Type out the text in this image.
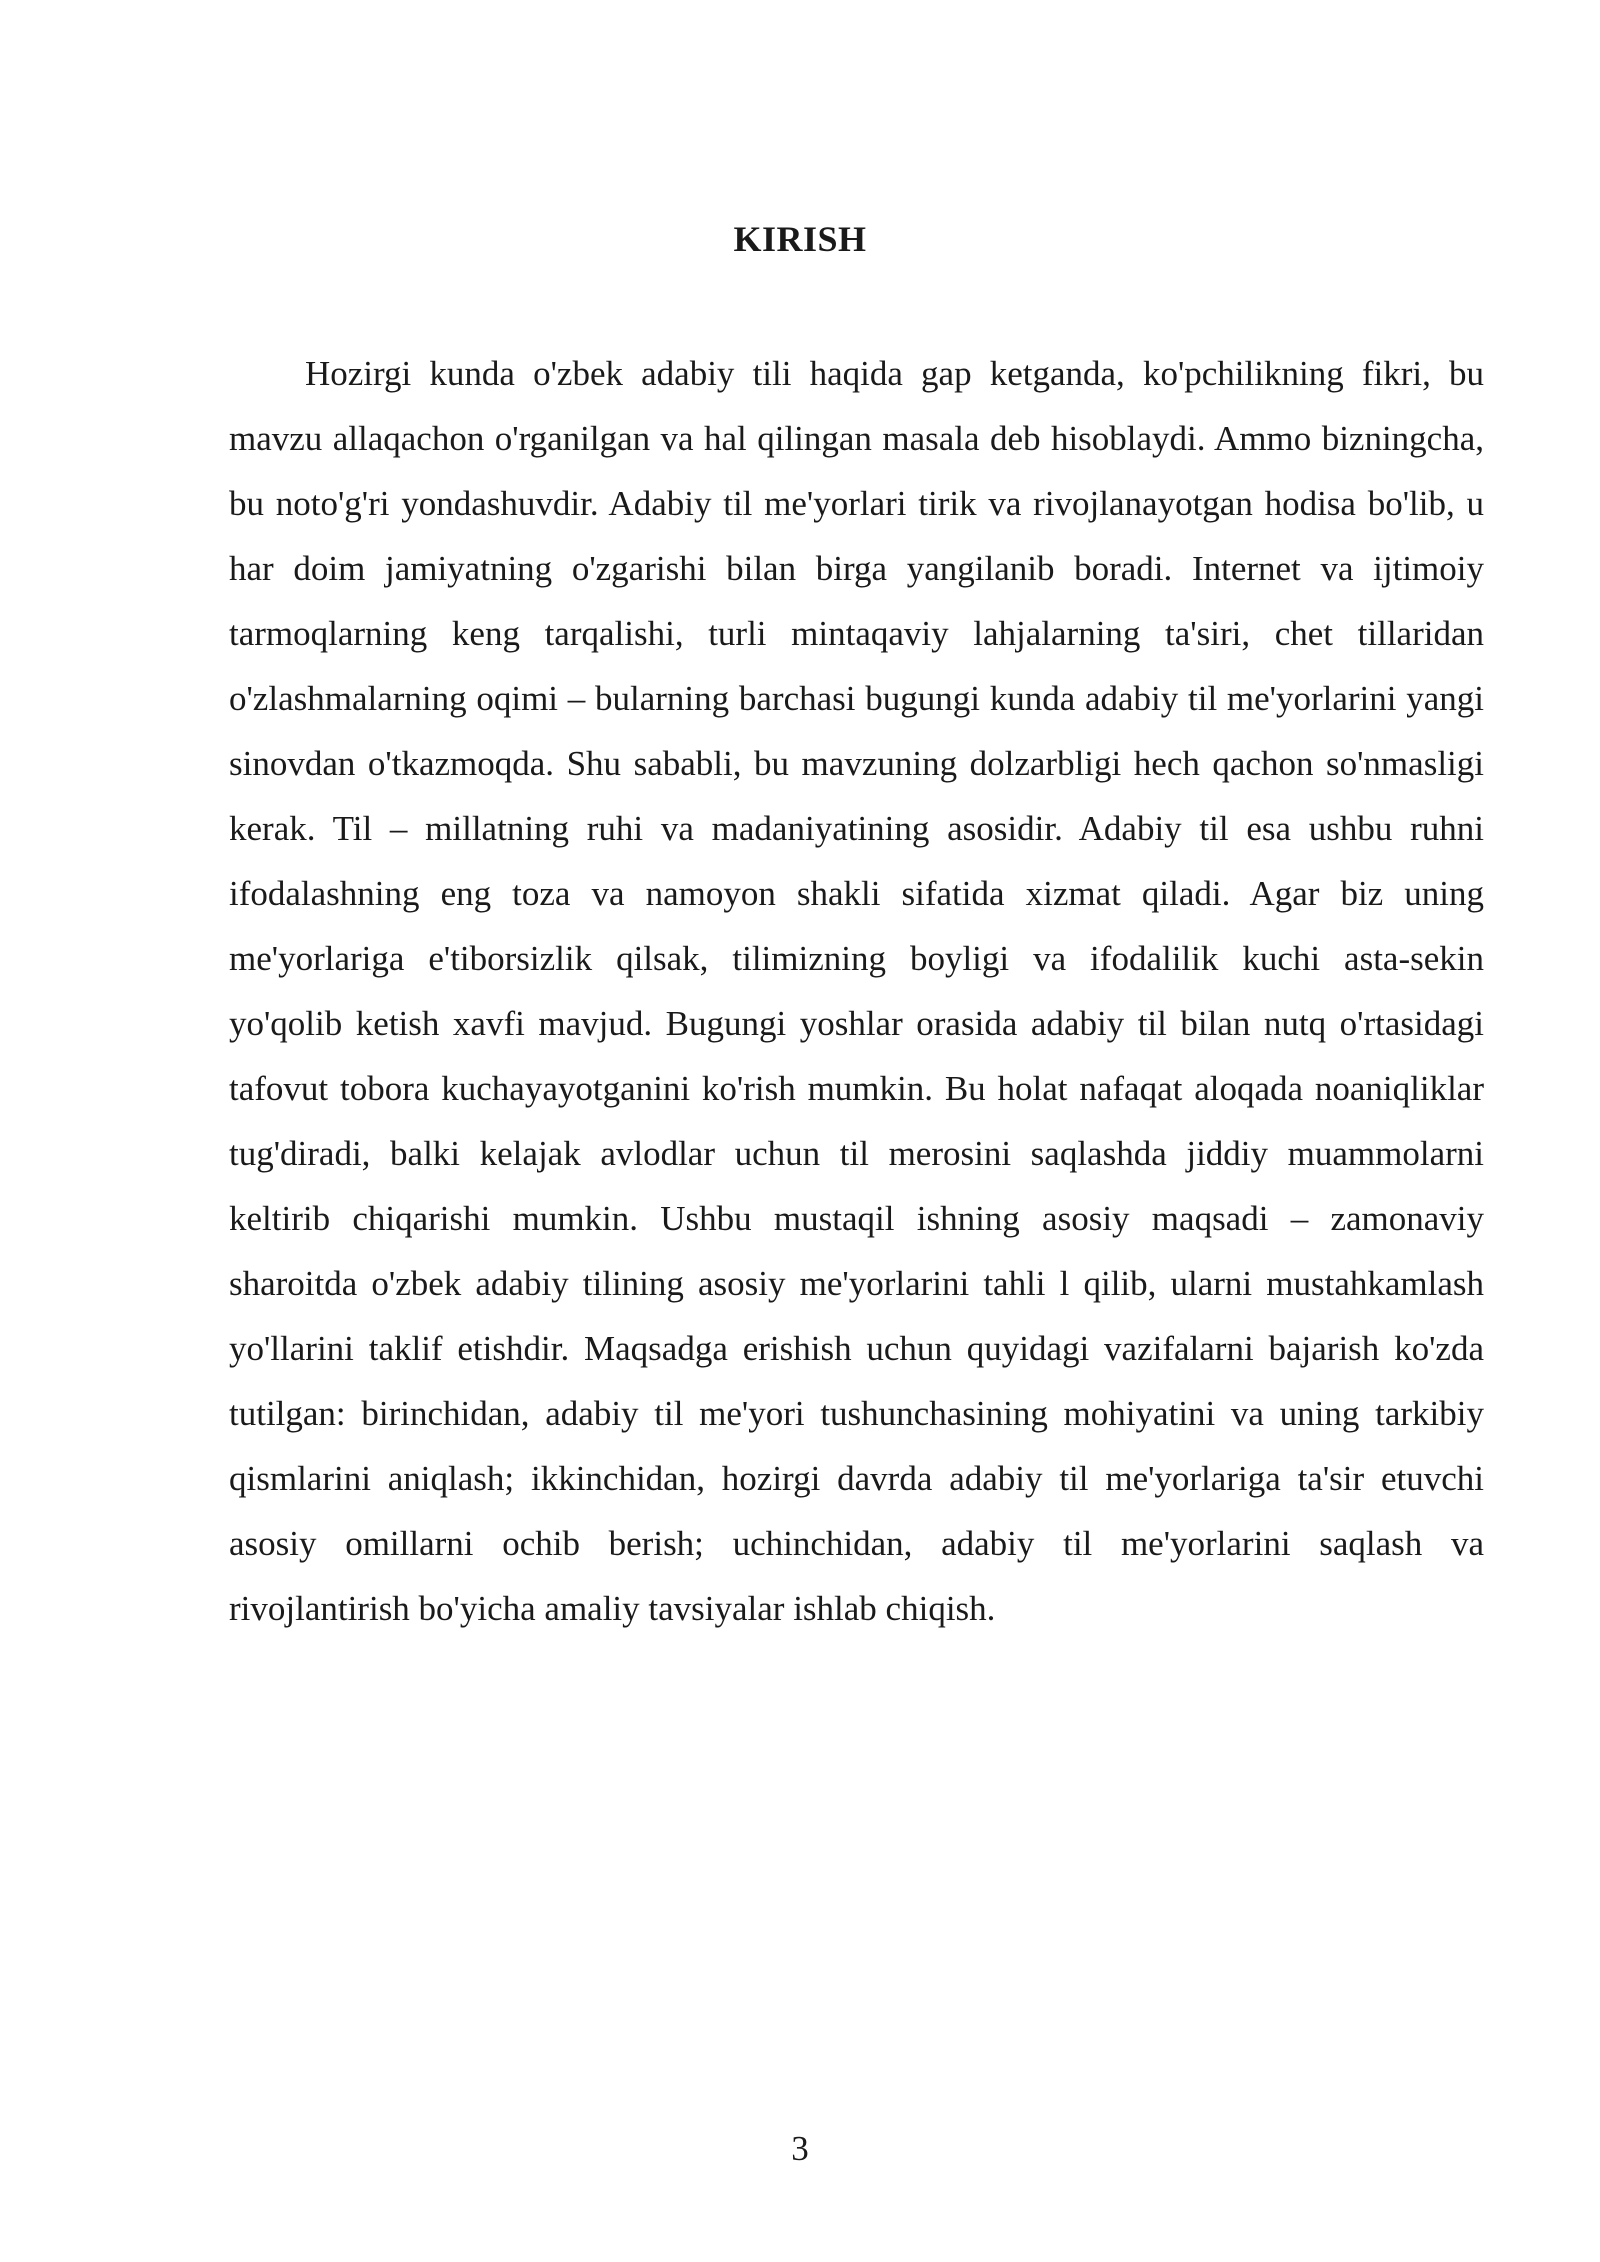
KIRISH

Hozirgi kunda o'zbek adabiy tili haqida gap ketganda, ko'pchilikning fikri, bu mavzu allaqachon o'rganilgan va hal qilingan masala deb hisoblaydi. Ammo bizningcha, bu noto'g'ri yondashuvdir. Adabiy til me'yorlari tirik va rivojlanayotgan hodisa bo'lib, u har doim jamiyatning o'zgarishi bilan birga yangilanib boradi. Internet va ijtimoiy tarmoqlarning keng tarqalishi, turli mintaqaviy lahjalarning ta'siri, chet tillaridan o'zlashmalarning oqimi – bularning barchasi bugungi kunda adabiy til me'yorlarini yangi sinovdan o'tkazmoqda. Shu sababli, bu mavzuning dolzarbligi hech qachon so'nmasligi kerak. Til – millatning ruhi va madaniyatining asosidir. Adabiy til esa ushbu ruhni ifodalashning eng toza va namoyon shakli sifatida xizmat qiladi. Agar biz uning me'yorlariga e'tiborsizlik qilsak, tilimizning boyligi va ifodalilik kuchi asta-sekin yo'qolib ketish xavfi mavjud. Bugungi yoshlar orasida adabiy til bilan nutq o'rtasidagi tafovut tobora kuchayayotganini ko'rish mumkin. Bu holat nafaqat aloqada noaniqliklar tug'diradi, balki kelajak avlodlar uchun til merosini saqlashda jiddiy muammolarni keltirib chiqarishi mumkin. Ushbu mustaqil ishning asosiy maqsadi – zamonaviy sharoitda o'zbek adabiy tilining asosiy me'yorlarini tahli l qilib, ularni mustahkamlash yo'llarini taklif etishdir. Maqsadga erishish uchun quyidagi vazifalarni bajarish ko'zda tutilgan: birinchidan, adabiy til me'yori tushunchasining mohiyatini va uning tarkibiy qismlarini aniqlash; ikkinchidan, hozirgi davrda adabiy til me'yorlariga ta'sir etuvchi asosiy omillarni ochib berish; uchinchidan, adabiy til me'yorlarini saqlash va rivojlantirish bo'yicha amaliy tavsiyalar ishlab chiqish.

3
